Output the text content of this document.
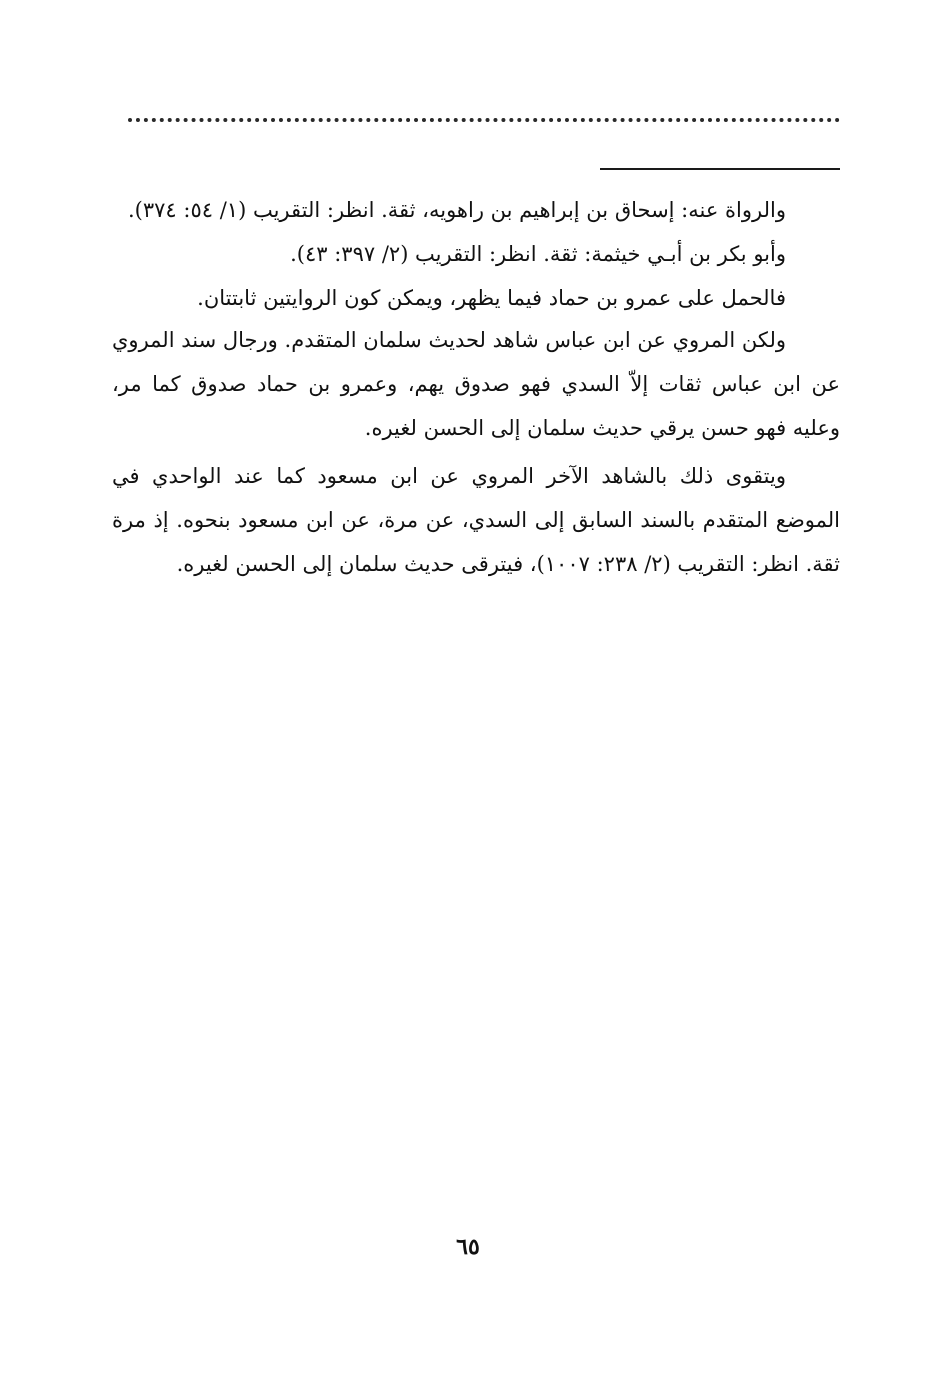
والرواة عنه: إسحاق بن إبراهيم بن راهويه، ثقة. انظر: التقريب (١/ ٥٤: ٣٧٤).
وأبو بكر بن أبـي خيثمة: ثقة. انظر: التقريب (٢/ ٣٩٧: ٤٣).
فالحمل على عمرو بن حماد فيما يظهر، ويمكن كون الروايتين ثابتتان.

ولكن المروي عن ابن عباس شاهد لحديث سلمان المتقدم. ورجال سند المروي عن ابن عباس ثقات إلاّ السدي فهو صدوق يهم، وعمرو بن حماد صدوق كما مر، وعليه فهو حسن يرقي حديث سلمان إلى الحسن لغيره.

ويتقوى ذلك بالشاهد الآخر المروي عن ابن مسعود كما عند الواحدي في الموضع المتقدم بالسند السابق إلى السدي، عن مرة، عن ابن مسعود بنحوه. إذ مرة ثقة. انظر: التقريب (٢/ ٢٣٨: ١٠٠٧)، فيترقى حديث سلمان إلى الحسن لغيره.

٦٥
